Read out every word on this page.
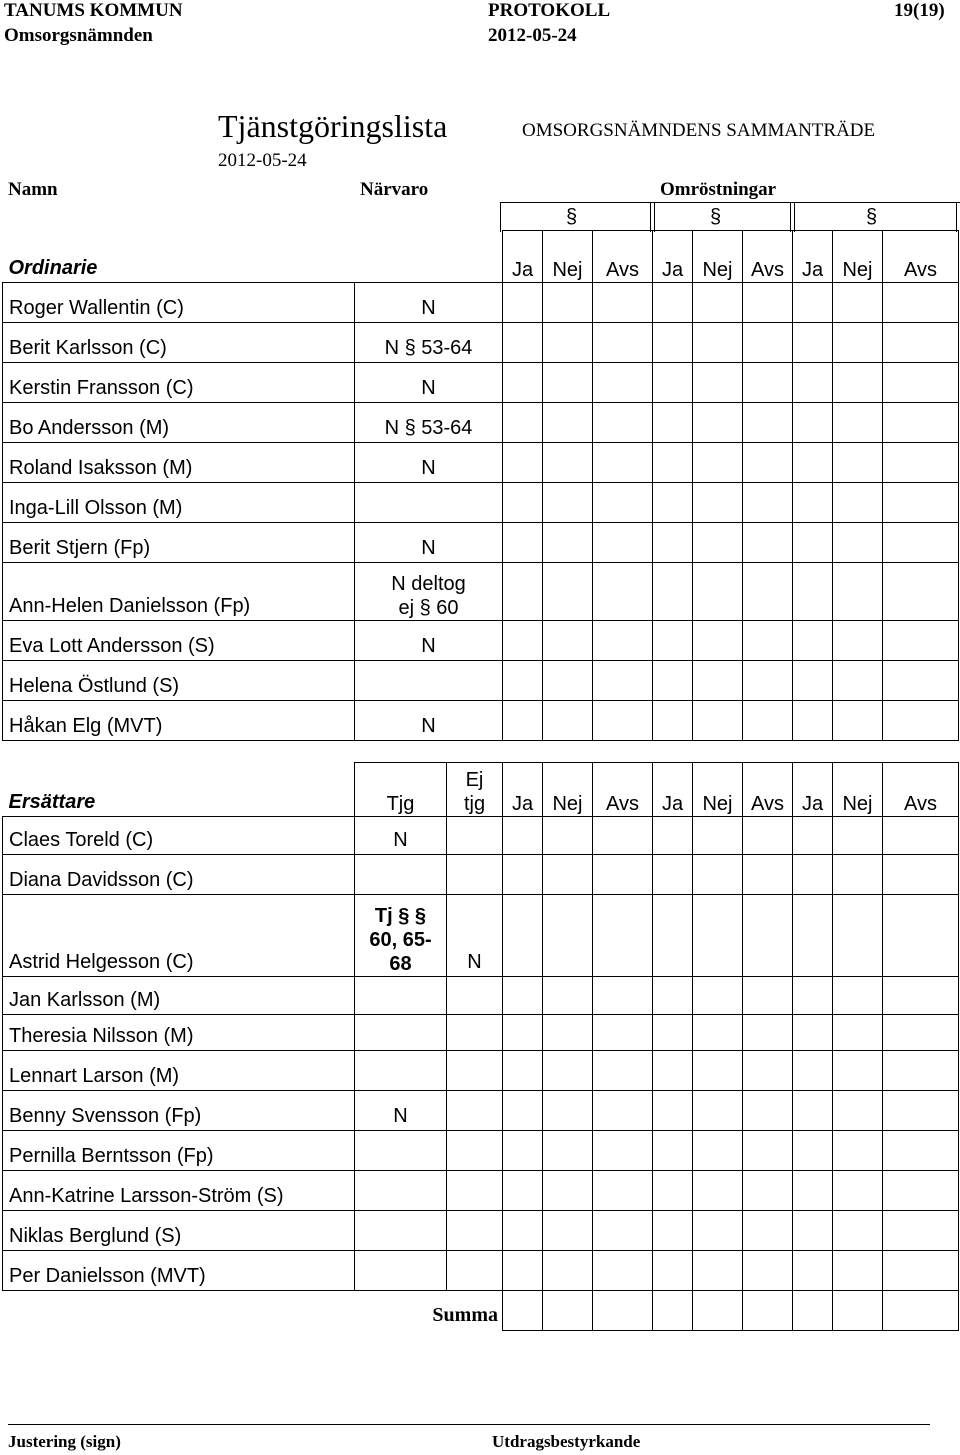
TANUMS KOMMUN
Omsorgsnämnden
PROTOKOLL
2012-05-24
19(19)
Tjänstgöringslista	OMSORGSNÄMNDENS SAMMANTRÄDE
2012-05-24
Namn	Närvaro	Omröstningar
§	§	§
Ordinarie		Ja	Nej	Avs	Ja	Nej	Avs	Ja	Nej	Avs
Roger Wallentin (C)	N									
Berit Karlsson (C)	N § 53-64									
Kerstin Fransson (C)	N									
Bo Andersson (M)	N § 53-64									
Roland Isaksson (M)	N									
Inga-Lill Olsson (M)										
Berit Stjern (Fp)	N									
Ann-Helen Danielsson (Fp)	N deltog ej § 60									
Eva Lott Andersson (S)	N									
Helena Östlund (S)										
Håkan Elg (MVT)	N									
Ersättare	Tjg	Ej tjg	Ja	Nej	Avs	Ja	Nej	Avs	Ja	Nej	Avs
Claes Toreld (C)	N										
Diana Davidsson (C)											
Astrid Helgesson (C)	Tj § § 60, 65-68	N									
Jan Karlsson (M)											
Theresia Nilsson (M)											
Lennart Larson (M)											
Benny Svensson (Fp)	N										
Pernilla Berntsson (Fp)											
Ann-Katrine Larsson-Ström (S)											
Niklas Berglund (S)											
Per Danielsson (MVT)											
	Summa										
Justering (sign)	Utdragsbestyrkande
